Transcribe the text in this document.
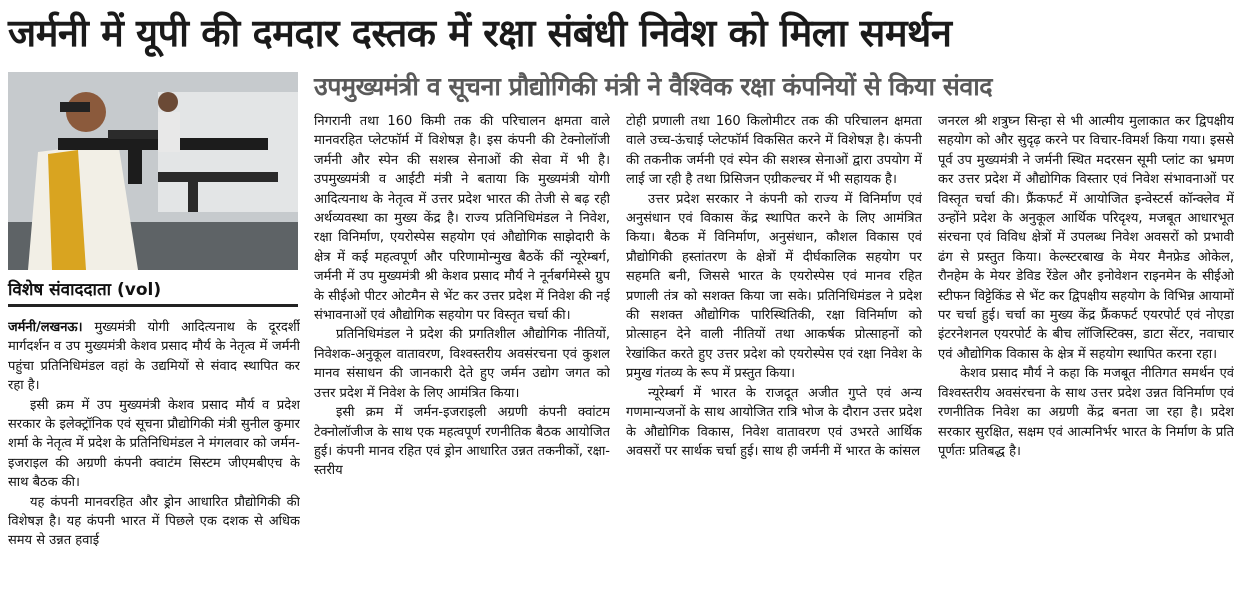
जर्मनी में यूपी की दमदार दस्तक में रक्षा संबंधी निवेश को मिला समर्थन
विशेष संवाददाता (vol)
उपमुख्यमंत्री व सूचना प्रौद्योगिकी मंत्री ने वैश्विक रक्षा कंपनियों से किया संवाद

जर्मनी/लखनऊ। मुख्यमंत्री योगी आदित्यनाथ के दूरदर्शी मार्गदर्शन व उप मुख्यमंत्री केशव प्रसाद मौर्य के नेतृत्व में जर्मनी पहुंचा प्रतिनिधिमंडल वहां के उद्यमियों से संवाद स्थापित कर रहा है।

इसी क्रम में उप मुख्यमंत्री केशव प्रसाद मौर्य व प्रदेश सरकार के इलेक्ट्रॉनिक एवं सूचना प्रौद्योगिकी मंत्री सुनील कुमार शर्मा के नेतृत्व में प्रदेश के प्रतिनिधिमंडल ने मंगलवार को जर्मन-इजराइल की अग्रणी कंपनी क्वाटंम सिस्टम जीएमबीएच के साथ बैठक की।

यह कंपनी मानवरहित और ड्रोन आधारित प्रौद्योगिकी की विशेषज्ञ है। यह कंपनी भारत में पिछले एक दशक से अधिक समय से उन्नत हवाई

निगरानी तथा 160 किमी तक की परिचालन क्षमता वाले मानवरहित प्लेटफॉर्म में विशेषज्ञ है। इस कंपनी की टेक्नोलॉजी जर्मनी और स्पेन की सशस्त्र सेनाओं की सेवा में भी है। उपमुख्यमंत्री व आईटी मंत्री ने बताया कि मुख्यमंत्री योगी आदित्यनाथ के नेतृत्व में उत्तर प्रदेश भारत की तेजी से बढ़ रही अर्थव्यवस्था का मुख्य केंद्र है। राज्य प्रतिनिधिमंडल ने निवेश, रक्षा विनिर्माण, एयरोस्पेस सहयोग एवं औद्योगिक साझेदारी के क्षेत्र में कई महत्वपूर्ण और परिणामोन्मुख बैठकें कीं न्यूरेम्बर्ग, जर्मनी में उप मुख्यमंत्री श्री केशव प्रसाद मौर्य ने नूर्नबर्गमेस्से ग्रुप के सीईओ पीटर ओटमैन से भेंट कर उत्तर प्रदेश में निवेश की नई संभावनाओं एवं औद्योगिक सहयोग पर विस्तृत चर्चा की।

प्रतिनिधिमंडल ने प्रदेश की प्रगतिशील औद्योगिक नीतियों, निवेशक-अनुकूल वातावरण, विश्वस्तरीय अवसंरचना एवं कुशल मानव संसाधन की जानकारी देते हुए जर्मन उद्योग जगत को उत्तर प्रदेश में निवेश के लिए आमंत्रित किया।

इसी क्रम में जर्मन-इजराइली अग्रणी कंपनी क्वांटम टेक्नोलॉजीज के साथ एक महत्वपूर्ण रणनीतिक बैठक आयोजित हुई। कंपनी मानव रहित एवं ड्रोन आधारित उन्नत तकनीकों, रक्षा-स्तरीय

टोही प्रणाली तथा 160 किलोमीटर तक की परिचालन क्षमता वाले उच्च-ऊंचाई प्लेटफॉर्म विकसित करने में विशेषज्ञ है। कंपनी की तकनीक जर्मनी एवं स्पेन की सशस्त्र सेनाओं द्वारा उपयोग में लाई जा रही है तथा प्रिसिजन एग्रीकल्चर में भी सहायक है।

उत्तर प्रदेश सरकार ने कंपनी को राज्य में विनिर्माण एवं अनुसंधान एवं विकास केंद्र स्थापित करने के लिए आमंत्रित किया। बैठक में विनिर्माण, अनुसंधान, कौशल विकास एवं प्रौद्योगिकी हस्तांतरण के क्षेत्रों में दीर्घकालिक सहयोग पर सहमति बनी, जिससे भारत के एयरोस्पेस एवं मानव रहित प्रणाली तंत्र को सशक्त किया जा सके। प्रतिनिधिमंडल ने प्रदेश की सशक्त औद्योगिक पारिस्थितिकी, रक्षा विनिर्माण को प्रोत्साहन देने वाली नीतियों तथा आकर्षक प्रोत्साहनों को रेखांकित करते हुए उत्तर प्रदेश को एयरोस्पेस एवं रक्षा निवेश के प्रमुख गंतव्य के रूप में प्रस्तुत किया।

न्यूरेम्बर्ग में भारत के राजदूत अजीत गुप्ते एवं अन्य गणमान्यजनों के साथ आयोजित रात्रि भोज के दौरान उत्तर प्रदेश के औद्योगिक विकास, निवेश वातावरण एवं उभरते आर्थिक अवसरों पर सार्थक चर्चा हुई। साथ ही जर्मनी में भारत के कांसल

जनरल श्री शत्रुघ्न सिन्हा से भी आत्मीय मुलाकात कर द्विपक्षीय सहयोग को और सुदृढ़ करने पर विचार-विमर्श किया गया। इससे पूर्व उप मुख्यमंत्री ने जर्मनी स्थित मदरसन सूमी प्लांट का भ्रमण कर उत्तर प्रदेश में औद्योगिक विस्तार एवं निवेश संभावनाओं पर विस्तृत चर्चा की। फ्रैंकफर्ट में आयोजित इन्वेस्टर्स कॉन्क्लेव में उन्होंने प्रदेश के अनुकूल आर्थिक परिदृश्य, मजबूत आधारभूत संरचना एवं विविध क्षेत्रों में उपलब्ध निवेश अवसरों को प्रभावी ढंग से प्रस्तुत किया। केल्स्टरबाख के मेयर मैनफ्रेड ओकेल, रौनहेम के मेयर डेविड रेंडेल और इनोवेशन राइनमेन के सीईओ स्टीफन विट्टेकिंड से भेंट कर द्विपक्षीय सहयोग के विभिन्न आयामों पर चर्चा हुई। चर्चा का मुख्य केंद्र फ्रैंकफर्ट एयरपोर्ट एवं नोएडा इंटरनेशनल एयरपोर्ट के बीच लॉजिस्टिक्स, डाटा सेंटर, नवाचार एवं औद्योगिक विकास के क्षेत्र में सहयोग स्थापित करना रहा।

केशव प्रसाद मौर्य ने कहा कि मजबूत नीतिगत समर्थन एवं विश्वस्तरीय अवसंरचना के साथ उत्तर प्रदेश उन्नत विनिर्माण एवं रणनीतिक निवेश का अग्रणी केंद्र बनता जा रहा है। प्रदेश सरकार सुरक्षित, सक्षम एवं आत्मनिर्भर भारत के निर्माण के प्रति पूर्णतः प्रतिबद्ध है।
